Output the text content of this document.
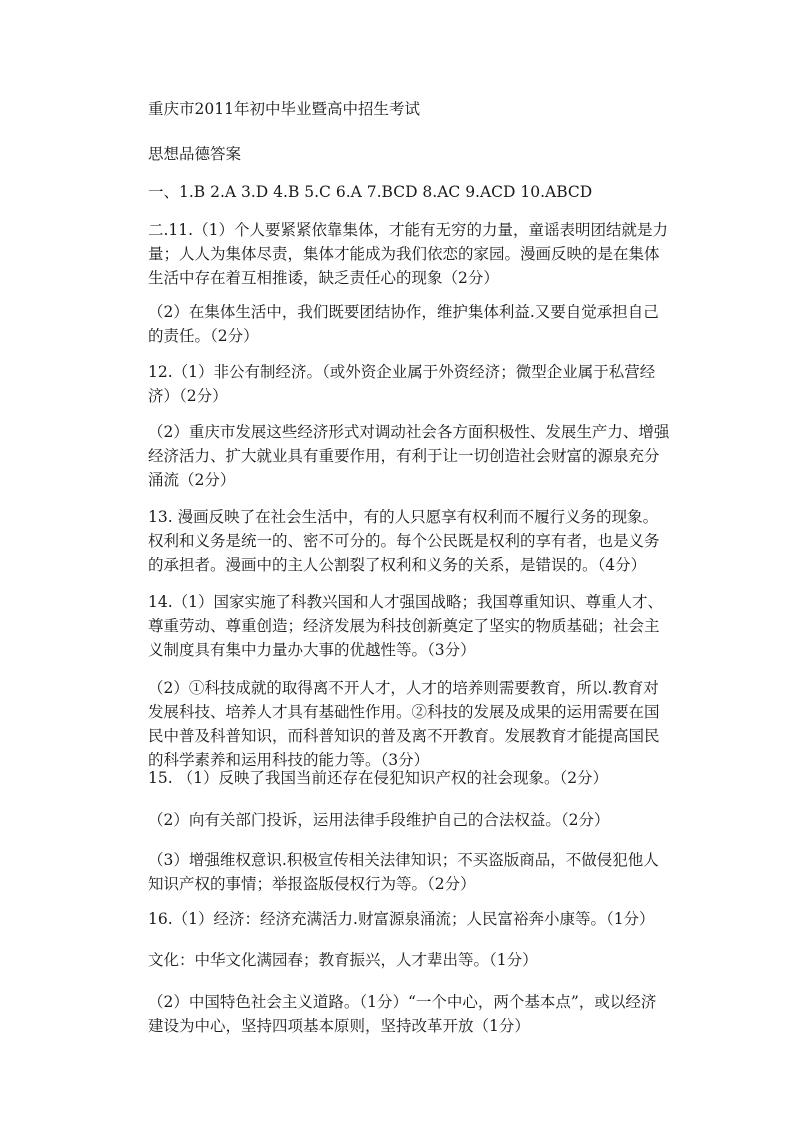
重庆市2011年初中毕业暨高中招生考试

思想品德答案

一、1.B 2.A 3.D 4.B 5.C 6.A 7.BCD 8.AC 9.ACD 10.ABCD

二.11.（1）个人要紧紧依靠集体，才能有无穷的力量，童谣表明团结就是力量；人人为集体尽责，集体才能成为我们依恋的家园。漫画反映的是在集体生活中存在着互相推诿，缺乏责任心的现象（2分）

（2）在集体生活中，我们既要团结协作，维护集体利益.又要自觉承担自己的责任。（2分）

12.（1）非公有制经济。（或外资企业属于外资经济；微型企业属于私营经济）（2分）

（2）重庆市发展这些经济形式对调动社会各方面积极性、发展生产力、增强经济活力、扩大就业具有重要作用，有利于让一切创造社会财富的源泉充分涌流（2分）

13. 漫画反映了在社会生活中，有的人只愿享有权利而不履行义务的现象。权利和义务是统一的、密不可分的。每个公民既是权利的享有者，也是义务的承担者。漫画中的主人公割裂了权利和义务的关系，是错误的。（4分）

14.（1）国家实施了科教兴国和人才强国战略；我国尊重知识、尊重人才、尊重劳动、尊重创造；经济发展为科技创新奠定了坚实的物质基础；社会主义制度具有集中力量办大事的优越性等。（3分）

（2）①科技成就的取得离不开人才，人才的培养则需要教育，所以.教育对发展科技、培养人才具有基础性作用。②科技的发展及成果的运用需要在国民中普及科普知识，而科普知识的普及离不开教育。发展教育才能提高国民的科学素养和运用科技的能力等。（3分）

15. （1）反映了我国当前还存在侵犯知识产权的社会现象。（2分）

（2）向有关部门投诉，运用法律手段维护自己的合法权益。（2分）

（3）增强维权意识.积极宣传相关法律知识；不买盗版商品，不做侵犯他人知识产权的事情；举报盗版侵权行为等。（2分）

16.（1）经济：经济充满活力.财富源泉涌流；人民富裕奔小康等。（1分）

文化：中华文化满园春；教育振兴，人才辈出等。（1分）

（2）中国特色社会主义道路。（1分）“一个中心，两个基本点”，或以经济建设为中心，坚持四项基本原则，坚持改革开放（1分）
